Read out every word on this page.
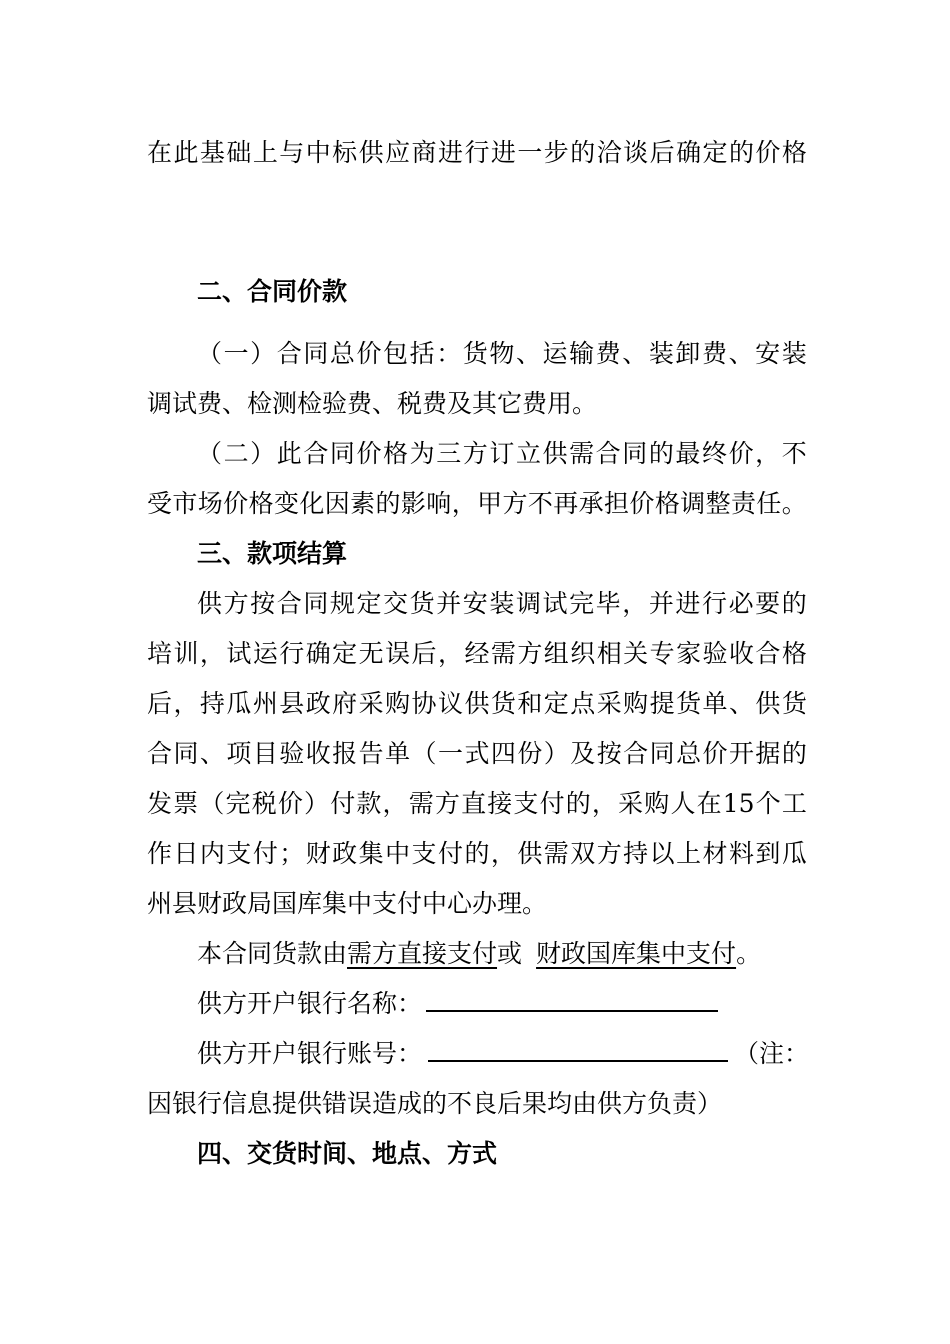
在 此 基 础 上 与 中 标 供 应 商 进 行 进 一 步 的 洽 谈 后 确 定 的 价 格
二、合同价款
（ 一 ） 合 同 总 价 包 括 ： 货 物 、 运 输 费 、 装 卸 费 、 安 装
调试费、检测检验费、税费及其它费用。
（ 二 ） 此 合 同 价 格 为 三 方 订 立 供 需 合 同 的 最 终 价 ， 不
受 市 场 价 格 变 化 因 素 的 影 响 ， 甲 方 不 再 承 担 价 格 调 整 责 任 。
三、款项结算
供 方 按 合 同 规 定 交 货 并 安 装 调 试 完 毕 ， 并 进 行 必 要 的
培 训 ， 试 运 行 确 定 无 误 后 ， 经 需 方 组 织 相 关 专 家 验 收 合 格
后 ， 持 瓜 州 县 政 府 采 购 协 议 供 货 和 定 点 采 购 提 货 单 、 供 货
合 同 、 项 目 验 收 报 告 单 （ 一 式 四 份 ） 及 按 合 同 总 价 开 据 的
发 票 （ 完 税 价 ） 付 款 ， 需 方 直 接 支 付 的 ， 采 购 人 在 15 个 工
作 日 内 支 付 ； 财 政 集 中 支 付 的 ， 供 需 双 方 持 以 上 材 料 到 瓜
州县财政局国库集中支付中心办理。
本合同货款由需方直接支付或 财政国库集中支付。
供方开户银行名称：
供方开户银行账号：	（注：
因银行信息提供错误造成的不良后果均由供方负责）
四、交货时间、地点、方式
